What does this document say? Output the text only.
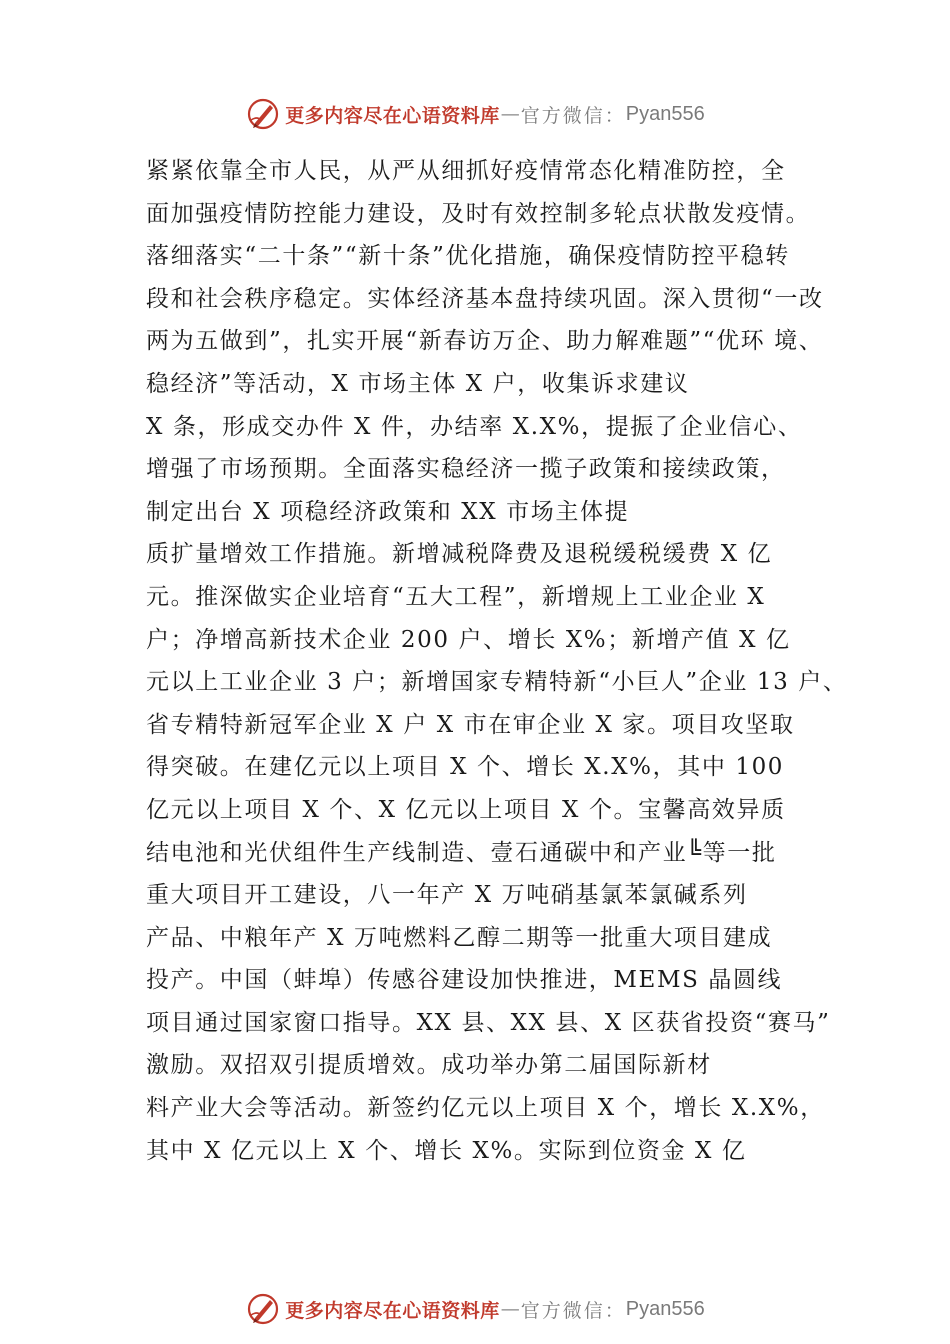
更多内容尽在心语资料库 — 官方微信： Pyan556
紧紧依靠全市人民，从严从细抓好疫情常态化精准防控，全
面加强疫情防控能力建设，及时有效控制多轮点状散发疫情。
落细落实“二十条”“新十条”优化措施，确保疫情防控平稳转
段和社会秩序稳定。实体经济基本盘持续巩固。深入贯彻“一改
两为五做到”，扎实开展“新春访万企、助力解难题”“优环 境、
稳经济”等活动，X 市场主体 X 户，收集诉求建议
X 条，形成交办件 X 件，办结率 X.X%，提振了企业信心、
增强了市场预期。全面落实稳经济一揽子政策和接续政策，
制定出台 X 项稳经济政策和 XX 市场主体提
质扩量增效工作措施。新增减税降费及退税缓税缓费 X 亿
元。推深做实企业培育“五大工程”，新增规上工业企业 X
户；净增高新技术企业 200 户、增长 X%；新增产值 X 亿
元以上工业企业 3 户；新增国家专精特新“小巨人”企业 13 户、
省专精特新冠军企业 X 户 X 市在审企业 X 家。项目攻坚取
得突破。在建亿元以上项目 X 个、增长 X.X%，其中 100
亿元以上项目 X 个、X 亿元以上项目 X 个。宝馨高效异质
结电池和光伏组件生产线制造、壹石通碳中和产业╚等一批
重大项目开工建设，八一年产 X 万吨硝基氯苯氯碱系列
产品、中粮年产 X 万吨燃料乙醇二期等一批重大项目建成
投产。中国（蚌埠）传感谷建设加快推进，MEMS 晶圆线
项目通过国家窗口指导。XX 县、XX 县、X 区获省投资“赛马”
激励。双招双引提质增效。成功举办第二届国际新材
料产业大会等活动。新签约亿元以上项目 X 个，增长 X.X%，
其中 X 亿元以上 X 个、增长 X%。实际到位资金 X 亿
更多内容尽在心语资料库 — 官方微信： Pyan556
